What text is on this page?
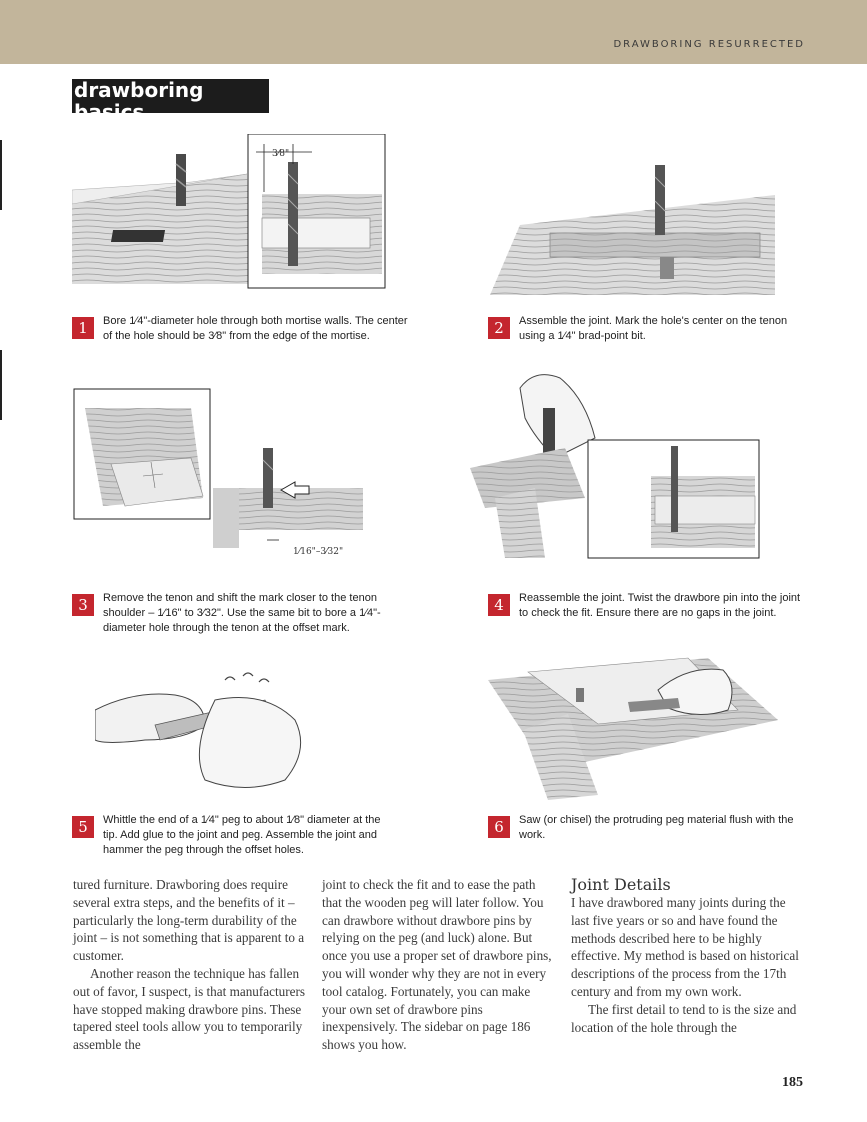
DRAWBORING RESURRECTED
drawboring basics
3⁄8"
1	Bore 1⁄4"-diameter hole through both mortise walls. The center of the hole should be 3⁄8" from the edge of the mortise.	2	Assemble the joint. Mark the hole's center on the tenon using a 1⁄4" brad-point bit.
1⁄16"–3⁄32"
3	Remove the tenon and shift the mark closer to the tenon shoulder – 1⁄16" to 3⁄32". Use the same bit to bore a 1⁄4"-diameter hole through the tenon at the offset mark.
4	Reassemble the joint. Twist the drawbore pin into the joint to check the fit. Ensure there are no gaps in the joint.
5	Whittle the end of a 1⁄4" peg to about 1⁄8" diameter at the tip. Add glue to the joint and peg. Assemble the joint and hammer the peg through the offset holes.
6	Saw (or chisel) the protruding peg material flush with the work.

tured furniture. Drawboring does require several extra steps, and the benefits of it – particularly the long-term durability of the joint – is not something that is apparent to a customer.

Another reason the technique has fallen out of favor, I suspect, is that manufacturers have stopped making drawbore pins. These tapered steel tools allow you to temporarily assemble the

joint to check the fit and to ease the path that the wooden peg will later follow. You can drawbore without drawbore pins by relying on the peg (and luck) alone. But once you use a proper set of drawbore pins, you will wonder why they are not in every tool catalog. Fortunately, you can make your own set of drawbore pins inexpensively. The sidebar on page 186 shows you how.

Joint Details

I have drawbored many joints during the last five years or so and have found the methods described here to be highly effective. My method is based on historical descriptions of the process from the 17th century and from my own work.

The first detail to tend to is the size and location of the hole through the

185
